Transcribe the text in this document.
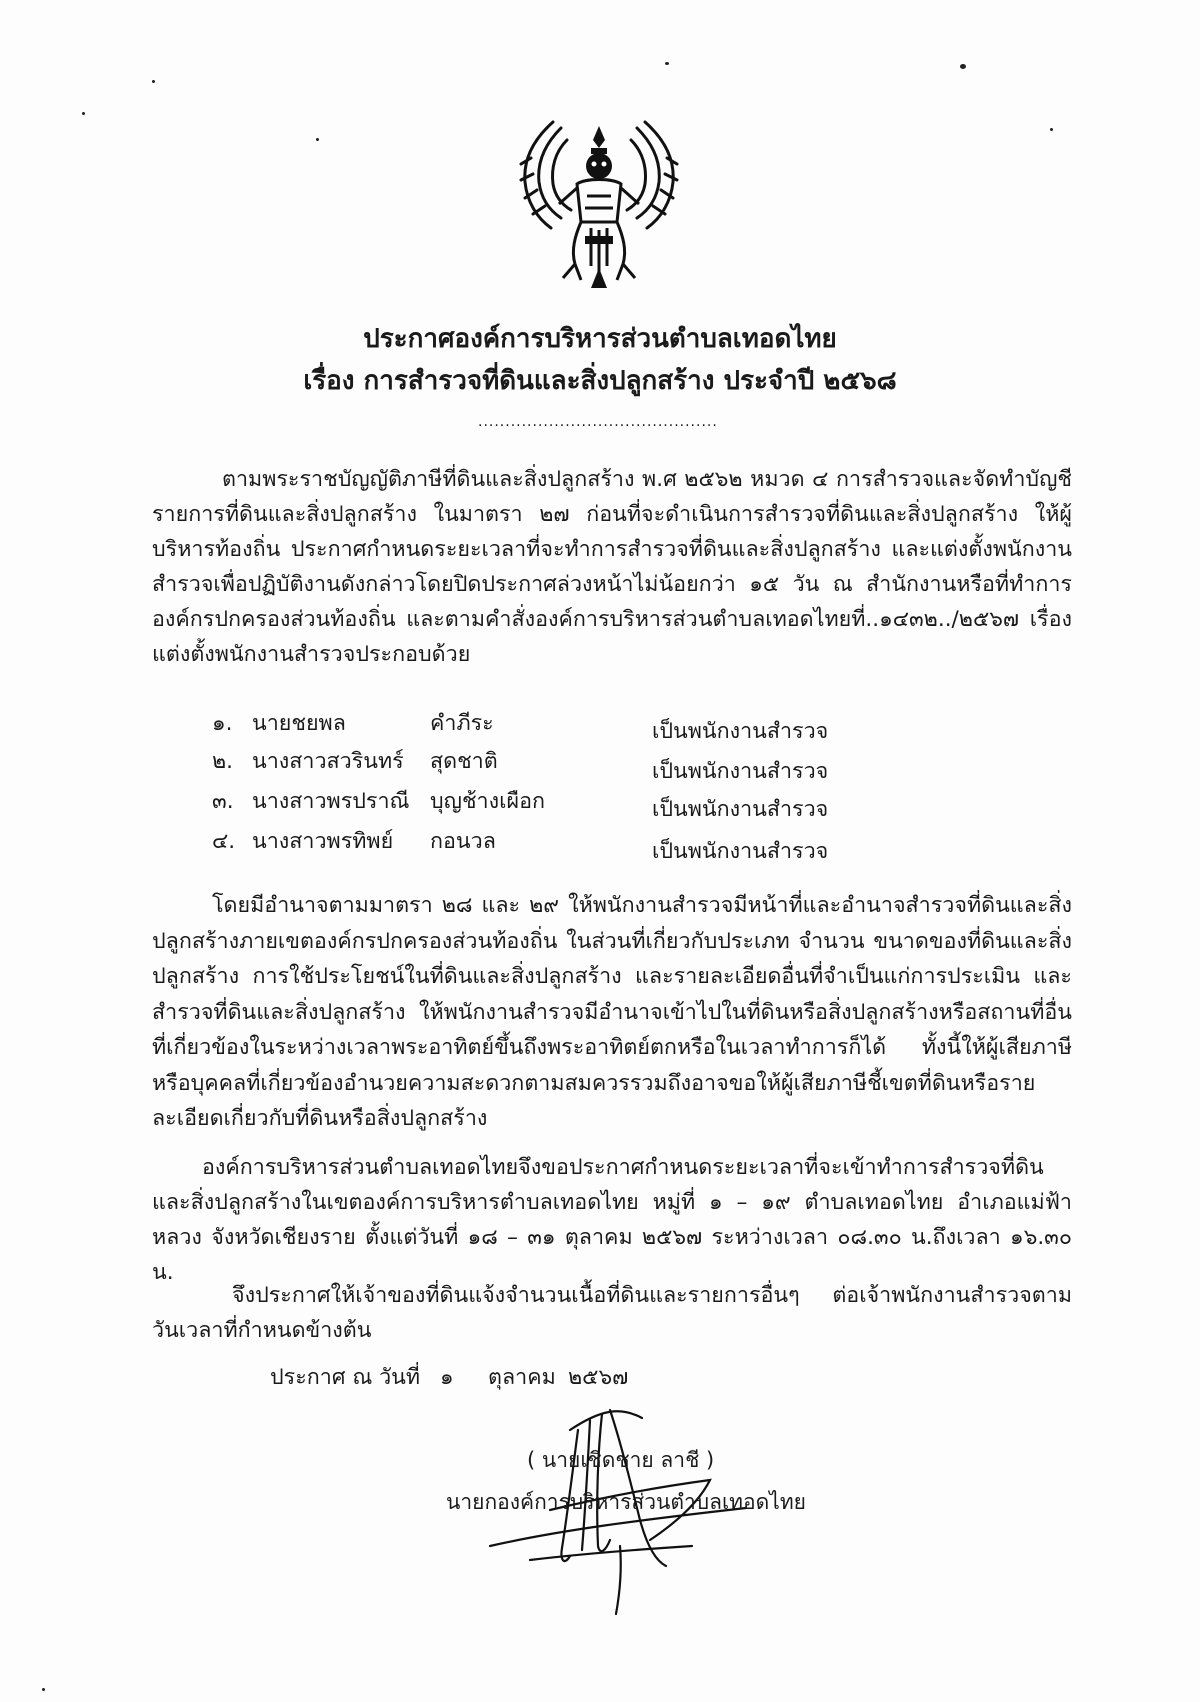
ประกาศองค์การบริหารส่วนตำบลเทอดไทย
เรื่อง การสำรวจที่ดินและสิ่งปลูกสร้าง ประจำปี ๒๕๖๘
............................................
ตามพระราชบัญญัติภาษีที่ดินและสิ่งปลูกสร้าง พ.ศ ๒๕๖๒ หมวด ๔ การสำรวจและจัดทำบัญชีรายการที่ดินและสิ่งปลูกสร้าง ในมาตรา ๒๗ ก่อนที่จะดำเนินการสำรวจที่ดินและสิ่งปลูกสร้าง ให้ผู้บริหารท้องถิ่น ประกาศกำหนดระยะเวลาที่จะทำการสำรวจที่ดินและสิ่งปลูกสร้าง และแต่งตั้งพนักงานสำรวจเพื่อปฏิบัติงานดังกล่าวโดยปิดประกาศล่วงหน้าไม่น้อยกว่า ๑๕ วัน ณ สำนักงานหรือที่ทำการองค์กรปกครองส่วนท้องถิ่น และตามคำสั่งองค์การบริหารส่วนตำบลเทอดไทยที่..๑๔๓๒../๒๕๖๗ เรื่องแต่งตั้งพนักงานสำรวจประกอบด้วย
๑. นายชยพล	คำภีระ	เป็นพนักงานสำรวจ
๒. นางสาวสวรินทร์ สุดชาติ	เป็นพนักงานสำรวจ
๓. นางสาวพรปราณี บุญช้างเผือก	เป็นพนักงานสำรวจ
๔. นางสาวพรทิพย์ กอนวล	เป็นพนักงานสำรวจ
โดยมีอำนาจตามมาตรา ๒๘ และ ๒๙ ให้พนักงานสำรวจมีหน้าที่และอำนาจสำรวจที่ดินและสิ่งปลูกสร้างภายเขตองค์กรปกครองส่วนท้องถิ่น ในส่วนที่เกี่ยวกับประเภท จำนวน ขนาดของที่ดินและสิ่งปลูกสร้าง การใช้ประโยชน์ในที่ดินและสิ่งปลูกสร้าง และรายละเอียดอื่นที่จำเป็นแก่การประเมิน และสำรวจที่ดินและสิ่งปลูกสร้าง ให้พนักงานสำรวจมีอำนาจเข้าไปในที่ดินหรือสิ่งปลูกสร้างหรือสถานที่อื่นที่เกี่ยวข้องในระหว่างเวลาพระอาทิตย์ขึ้นถึงพระอาทิตย์ตกหรือในเวลาทำการก็ได้ ทั้งนี้ให้ผู้เสียภาษีหรือบุคคลที่เกี่ยวข้องอำนวยความสะดวกตามสมควรรวมถึงอาจขอให้ผู้เสียภาษีชี้เขตที่ดินหรือรายละเอียดเกี่ยวกับที่ดินหรือสิ่งปลูกสร้าง
องค์การบริหารส่วนตำบลเทอดไทยจึงขอประกาศกำหนดระยะเวลาที่จะเข้าทำการสำรวจที่ดินและสิ่งปลูกสร้างในเขตองค์การบริหารตำบลเทอดไทย หมู่ที่ ๑ – ๑๙ ตำบลเทอดไทย อำเภอแม่ฟ้าหลวง จังหวัดเชียงราย ตั้งแต่วันที่ ๑๘ – ๓๑ ตุลาคม ๒๕๖๗ ระหว่างเวลา ๐๘.๓๐ น.ถึงเวลา ๑๖.๓๐ น.
จึงประกาศให้เจ้าของที่ดินแจ้งจำนวนเนื้อที่ดินและรายการอื่นๆ ต่อเจ้าพนักงานสำรวจตามวันเวลาที่กำหนดข้างต้น
ประกาศ ณ วันที่ ๑ ตุลาคม ๒๕๖๗
( นายเชิดชาย ลาชี )
นายกองค์การบริหารส่วนตำบลเทอดไทย
